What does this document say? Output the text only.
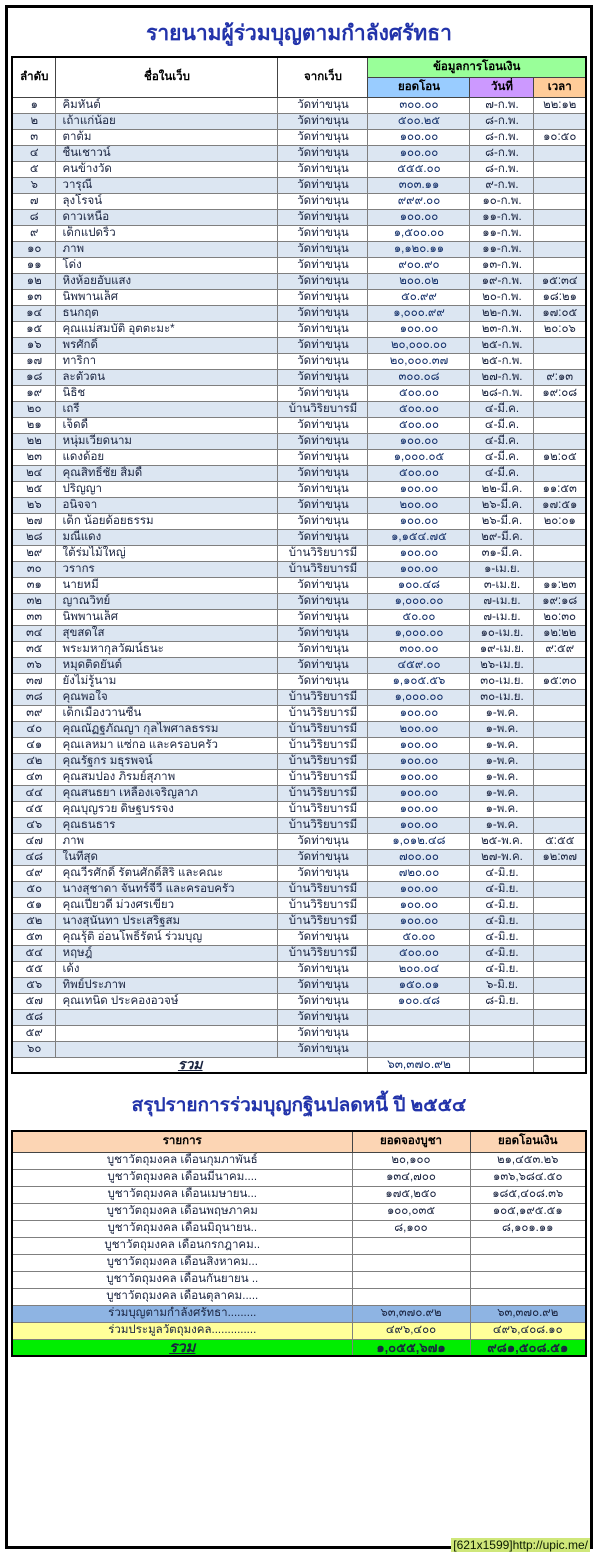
รายนามผู้ร่วมบุญตามกำลังศรัทธา
ลำดับ	ชื่อในเว็บ	จากเว็บ	ข้อมูลการโอนเงิน		
			ยอดโอน	วันที่	เวลา
๑	คิมหันต์	วัดท่าขนุน	๓๐๐.๐๐	๗-ก.พ.	๒๒:๑๒
๒	เถ้าแก่น้อย	วัดท่าขนุน	๕๐๐.๒๕	๘-ก.พ.	
๓	ตาต้ม	วัดท่าขนุน	๑๐๐.๐๐	๘-ก.พ.	๑๐:๕๐
๔	ชื่นเชาวน์	วัดท่าขนุน	๑๐๐.๐๐	๘-ก.พ.	
๕	คนข้างวัด	วัดท่าขนุน	๕๕๕.๐๐	๘-ก.พ.	
๖	วารุณี	วัดท่าขนุน	๓๐๓.๑๑	๙-ก.พ.	
๗	ลุงโรจน์	วัดท่าขนุน	๙๙๙.๐๐	๑๐-ก.พ.	
๘	ดาวเหนือ	วัดท่าขนุน	๑๐๐.๐๐	๑๑-ก.พ.	
๙	เด็กแปดริ้ว	วัดท่าขนุน	๑,๕๐๐.๐๐	๑๑-ก.พ.	
๑๐	ภาพ	วัดท่าขนุน	๑,๑๒๐.๑๑	๑๑-ก.พ.	
๑๑	โด่ง	วัดท่าขนุน	๙๐๐.๙๐	๑๓-ก.พ.	
๑๒	หิ่งห้อยอับแสง	วัดท่าขนุน	๒๐๐.๐๒	๑๙-ก.พ.	๑๕:๓๔
๑๓	นิพพานเล็ศ	วัดท่าขนุน	๕๐.๙๙	๒๐-ก.พ.	๑๘:๒๑
๑๔	ธนกฤต	วัดท่าขนุน	๑,๐๐๐.๙๙	๒๒-ก.พ.	๑๗:๐๕
๑๕	คุณแม่สมบัติ อุตตะมะ*	วัดท่าขนุน	๑๐๐.๐๐	๒๓-ก.พ.	๒๐:๐๖
๑๖	พรศักดิ์	วัดท่าขนุน	๒๐,๐๐๐.๐๐	๒๕-ก.พ.	
๑๗	ทาริกา	วัดท่าขนุน	๒๐,๐๐๐.๓๗	๒๕-ก.พ.	
๑๘	ละตัวตน	วัดท่าขนุน	๓๐๐.๐๘	๒๗-ก.พ.	๙:๑๓
๑๙	นิธิช	วัดท่าขนุน	๕๐๐.๐๐	๒๘-ก.พ.	๑๙:๐๘
๒๐	เถรี	บ้านวิริยบารมี	๕๐๐.๐๐	๔-มี.ค.	
๒๑	เจ็ดดี้	วัดท่าขนุน	๕๐๐.๐๐	๔-มี.ค.	
๒๒	หนุ่มเวียดนาม	วัดท่าขนุน	๑๐๐.๐๐	๔-มี.ค.	
๒๓	แดงด้อย	วัดท่าขนุน	๑,๐๐๐.๐๕	๔-มี.ค.	๑๒:๐๕
๒๔	คุณสิทธิ์ชัย สิ้มดี้	วัดท่าขนุน	๕๐๐.๐๐	๔-มี.ค.	
๒๕	ปริญญา	วัดท่าขนุน	๑๐๐.๐๐	๒๒-มี.ค.	๑๑:๕๓
๒๖	อนิจจา	วัดท่าขนุน	๒๐๐.๐๐	๒๖-มี.ค.	๑๗:๕๑
๒๗	เด็ก น้อยด้อยธรรม	วัดท่าขนุน	๑๐๐.๐๐	๒๖-มี.ค.	๒๐:๐๑
๒๘	มณีแดง	วัดท่าขนุน	๑,๑๕๔.๗๕	๒๙-มี.ค.	
๒๙	ใต้ร่มไม้ใหญ่	บ้านวิริยบารมี	๑๐๐.๐๐	๓๑-มี.ค.	
๓๐	วรากร	บ้านวิริยบารมี	๑๐๐.๐๐	๑-เม.ย.	
๓๑	นายหมี	วัดท่าขนุน	๑๐๐.๔๘	๓-เม.ย.	๑๑:๒๓
๓๒	ญาณวิทย์	วัดท่าขนุน	๑,๐๐๐.๐๐	๗-เม.ย.	๑๙:๑๘
๓๓	นิพพานเล็ศ	วัดท่าขนุน	๕๐.๐๐	๗-เม.ย.	๒๐:๓๐
๓๔	สุขสดใส	วัดท่าขนุน	๑,๐๐๐.๐๐	๑๐-เม.ย.	๑๒:๒๒
๓๕	พระมหากุลวัฒน์ธนะ	วัดท่าขนุน	๓๐๐.๐๐	๑๙-เม.ย.	๙:๕๙
๓๖	หมุดติดยันต์	วัดท่าขนุน	๔๕๙.๐๐	๒๖-เม.ย.	
๓๗	ยังไม่รู้นาม	วัดท่าขนุน	๑,๑๐๕.๕๖	๓๐-เม.ย.	๑๕:๓๐
๓๘	คุณพอใจ	บ้านวิริยบารมี	๑,๐๐๐.๐๐	๓๐-เม.ย.	
๓๙	เด็กเมืองวานซื่น	บ้านวิริยบารมี	๑๐๐.๐๐	๑-พ.ค.	
๔๐	คุณณัฏฐภัณญา กุลไพศาลธรรม	บ้านวิริยบารมี	๒๐๐.๐๐	๑-พ.ค.	
๔๑	คุณเลหมา แซ่กอ และครอบครัว	บ้านวิริยบารมี	๑๐๐.๐๐	๑-พ.ค.	
๔๒	คุณรัฐกร มธุรพจน์	บ้านวิริยบารมี	๑๐๐.๐๐	๑-พ.ค.	
๔๓	คุณสมปอง ภิรมย์สุภาพ	บ้านวิริยบารมี	๑๐๐.๐๐	๑-พ.ค.	
๔๔	คุณสนธยา เหลืองเจริญลาภ	บ้านวิริยบารมี	๑๐๐.๐๐	๑-พ.ค.	
๔๕	คุณบุญรวย ดิษฐบรรจง	บ้านวิริยบารมี	๑๐๐.๐๐	๑-พ.ค.	
๔๖	คุณธนธาร	บ้านวิริยบารมี	๑๐๐.๐๐	๑-พ.ค.	
๔๗	ภาพ	วัดท่าขนุน	๑,๐๑๒.๔๘	๒๕-พ.ค.	๕:๕๕
๔๘	ในที่สุด	วัดท่าขนุน	๗๐๐.๐๐	๒๗-พ.ค.	๑๒:๓๗
๔๙	คุณวีรศักดิ์ รัตนศักดิ์สิริ และคณะ	วัดท่าขนุน	๗๒๐.๐๐	๔-มิ.ย.	
๕๐	นางสุชาดา จันทร์จีวี และครอบครัว	บ้านวิริยบารมี	๑๐๐.๐๐	๔-มิ.ย.	
๕๑	คุณเปี่ยวดี ม่วงศรเขียว	บ้านวิริยบารมี	๑๐๐.๐๐	๔-มิ.ย.	
๕๒	นางสุนันทา ประเสริฐสม	บ้านวิริยบารมี	๑๐๐.๐๐	๔-มิ.ย.	
๕๓	คุณรุ้ติ อ่อนโพธิ์รัตน์ ร่วมบุญ	วัดท่าขนุน	๕๐.๐๐	๔-มิ.ย.	
๕๔	หฤษฎ์	บ้านวิริยบารมี	๕๐๐.๐๐	๔-มิ.ย.	
๕๕	เด้ง	วัดท่าขนุน	๒๐๐.๐๔	๔-มิ.ย.	
๕๖	ทิพย์ประภาพ	วัดท่าขนุน	๑๕๐.๐๑	๖-มิ.ย.	
๕๗	คุณเทนิด ประคองอวจษ์	วัดท่าขนุน	๑๐๐.๔๘	๘-มิ.ย.	
๕๘		วัดท่าขนุน			
๕๙		วัดท่าขนุน			
๖๐		วัดท่าขนุน			
รวม			๖๓,๓๗๐.๙๒		
สรุปรายการร่วมบุญกฐินปลดหนี้ ปี ๒๕๕๔
รายการ	ยอดจองบูชา	ยอดโอนเงิน
บูชาวัตถุมงคล เดือนกุมภาพันธ์	๒๐,๑๐๐	๒๑,๔๕๓.๒๖
บูชาวัตถุมงคล เดือนมีนาคม....	๑๓๔,๗๐๐	๑๓๖,๖๘๔.๕๐
บูชาวัตถุมงคล เดือนเมษายน...	๑๗๕,๒๕๐	๑๘๕,๔๐๘.๓๖
บูชาวัตถุมงคล เดือนพฤษภาคม	๑๐๐,๐๓๕	๑๐๕,๑๙๕.๕๑
บูชาวัตถุมงคล เดือนมิถุนายน..	๘,๑๐๐	๘,๑๐๑.๑๑
บูชาวัตถุมงคล เดือนกรกฎาคม..		
บูชาวัตถุมงคล เดือนสิงหาคม...		
บูชาวัตถุมงคล เดือนกันยายน ..		
บูชาวัตถุมงคล เดือนตุลาคม.....		
ร่วมบุญตามกำลังศรัทธา.........	๖๓,๓๗๐.๙๒	๖๓,๓๗๐.๙๒
ร่วมประมูลวัตถุมงคล..............	๔๙๖,๔๐๐	๔๙๖,๔๐๘.๑๐
รวม	๑,๐๕๕,๖๗๑	๙๘๑,๕๐๘.๕๑
[621x1599]http://upic.me/
